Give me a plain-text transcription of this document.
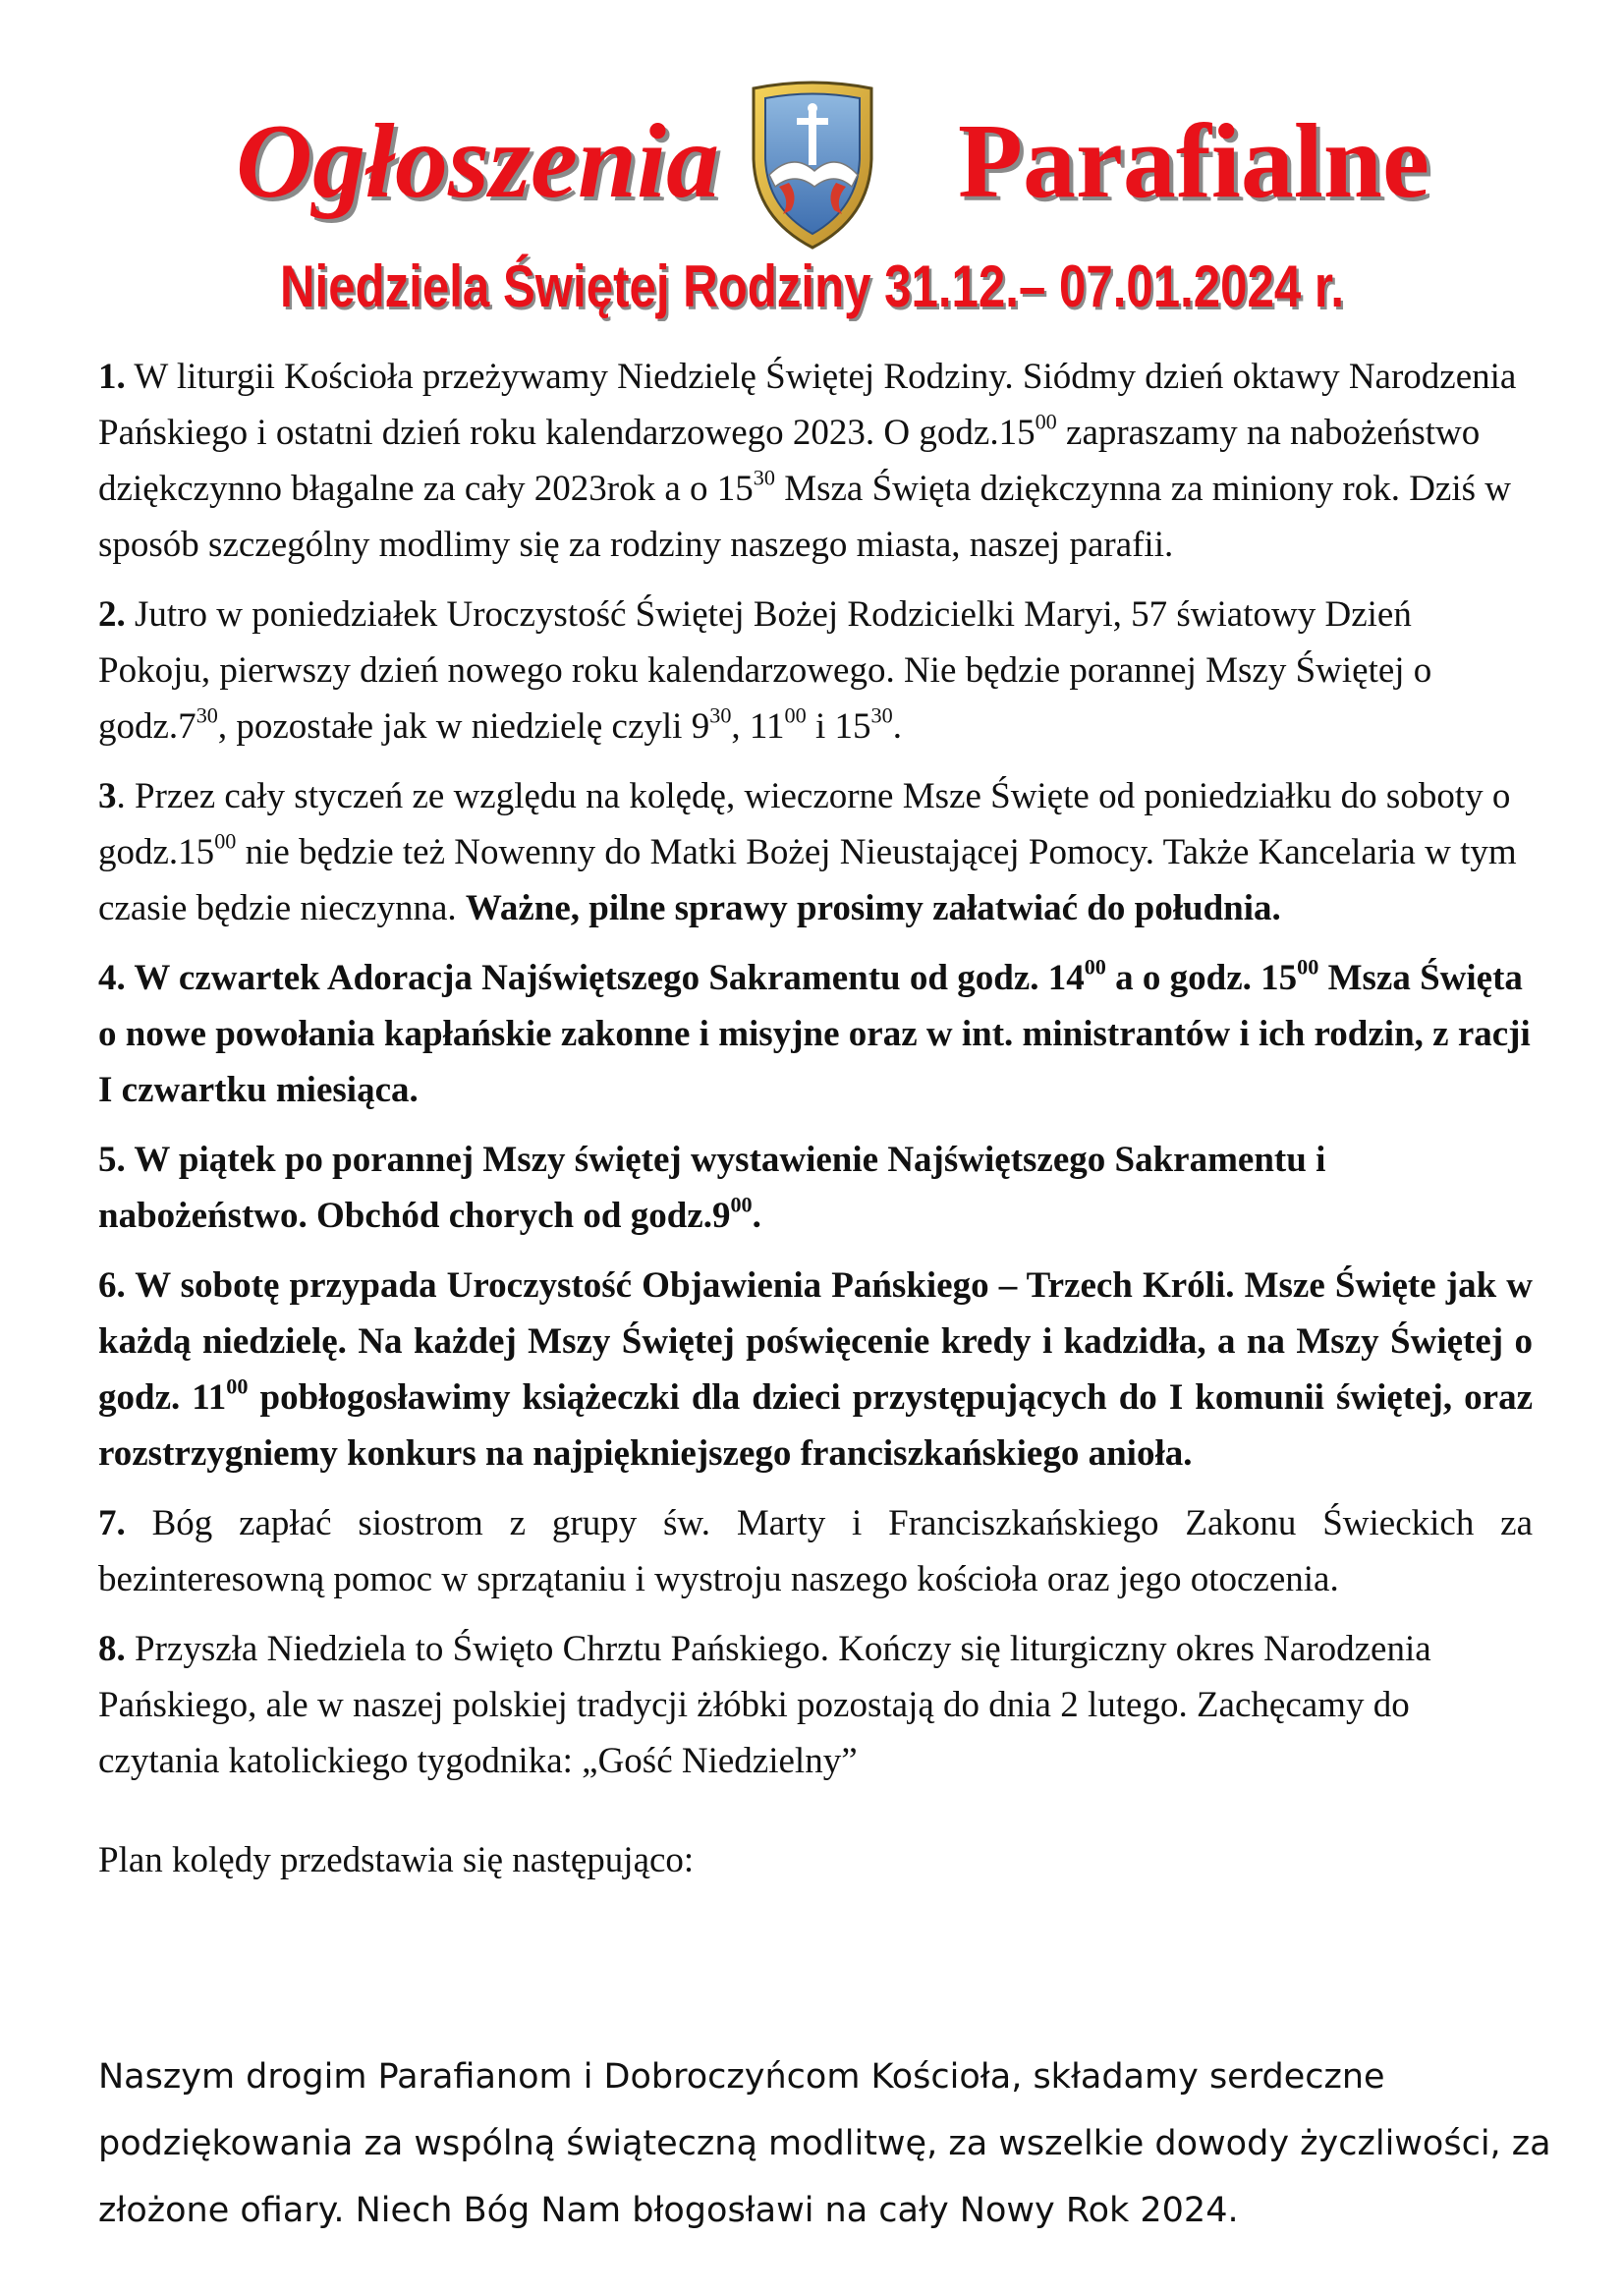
Ogłoszenia Parafialne
Niedziela Świętej Rodziny 31.12.– 07.01.2024 r.

1. W liturgii Kościoła przeżywamy Niedzielę Świętej Rodziny. Siódmy dzień oktawy Narodzenia Pańskiego i ostatni dzień roku kalendarzowego 2023. O $godz.15^{00}$ zapraszamy na nabożeństwo dziękczynno błagalne za cały 2023rok a o $15^{30}$ Msza Święta dziękczynna za miniony rok. Dziś w sposób szczególny modlimy się za rodziny naszego miasta, naszej parafii.

2. Jutro w poniedziałek Uroczystość Świętej Bożej Rodzicielki Maryi, 57 światowy Dzień Pokoju, pierwszy dzień nowego roku kalendarzowego. Nie będzie porannej Mszy Świętej o $godz.7^{30}$, pozostałe jak w niedzielę czyli $9^{30}$, $11^{00}$ i $15^{30}$.

3. Przez cały styczeń ze względu na kolędę, wieczorne Msze Święte od poniedziałku do soboty o $godz.15^{00}$ nie będzie też Nowenny do Matki Bożej Nieustającej Pomocy. Także Kancelaria w tym czasie będzie nieczynna. Ważne, pilne sprawy prosimy załatwiać do południa.

4. W czwartek Adoracja Najświętszego Sakramentu od godz. $14^{00}$ a o godz. $15^{00}$ Msza Święta o nowe powołania kapłańskie zakonne i misyjne oraz w int. ministrantów i ich rodzin, z racji I czwartku miesiąca.

5. W piątek po porannej Mszy świętej wystawienie Najświętszego Sakramentu i nabożeństwo. Obchód chorych od $godz.9^{00}$.

6. W sobotę przypada Uroczystość Objawienia Pańskiego – Trzech Króli. Msze Święte jak w każdą niedzielę. Na każdej Mszy Świętej poświęcenie kredy i kadzidła, a na Mszy Świętej o godz. $11^{00}$ pobłogosławimy książeczki dla dzieci przystępujących do I komunii świętej, oraz rozstrzygniemy konkurs na najpiękniejszego franciszkańskiego anioła.

7. Bóg zapłać siostrom z grupy św. Marty i Franciszkańskiego Zakonu Świeckich za bezinteresowną pomoc w sprzątaniu i wystroju naszego kościoła oraz jego otoczenia.

8. Przyszła Niedziela to Święto Chrztu Pańskiego. Kończy się liturgiczny okres Narodzenia Pańskiego, ale w naszej polskiej tradycji żłóbki pozostają do dnia 2 lutego. Zachęcamy do czytania katolickiego tygodnika: „Gość Niedzielny”

Plan kolędy przedstawia się następująco:

Naszym drogim Parafianom i Dobroczyńcom Kościoła, składamy serdeczne podziękowania za wspólną świąteczną modlitwę, za wszelkie dowody życzliwości, za złożone ofiary. Niech Bóg Nam błogosławi na cały Nowy Rok 2024.
